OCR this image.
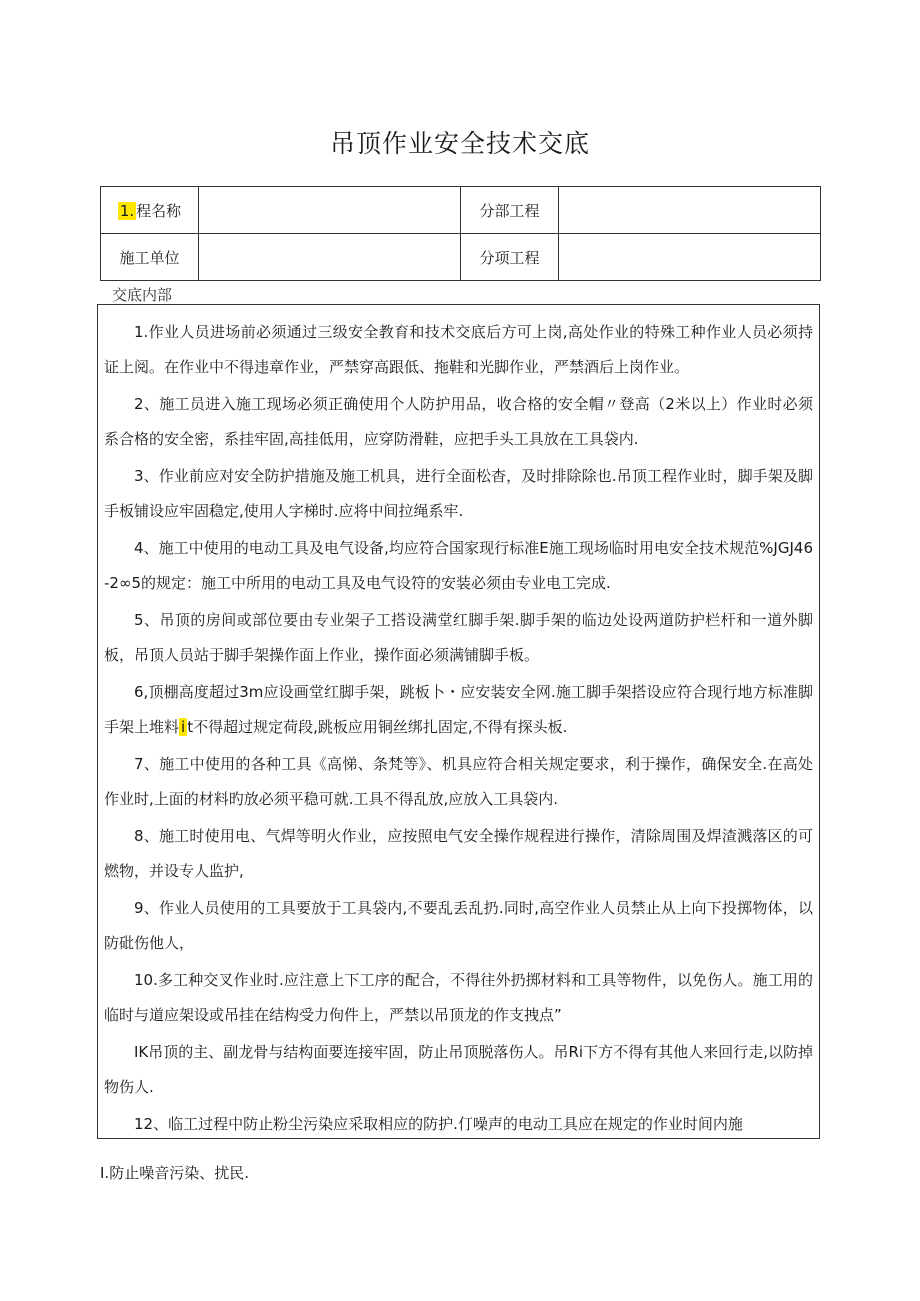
吊顶作业安全技术交底
1. 程名称		分部工程	
施工单位		分项工程	
交底内部

1.作业人员进场前必须通过三级安全教育和技术交底后方可上岗,高处作业的特殊工种作业人员必须持证上阅。在作业中不得违章作业，严禁穿高跟低、拖鞋和光脚作业，严禁酒后上岗作业。

2、施工员进入施工现场必须正确使用个人防护用品，收合格的安全帽〃登高（2米以上）作业时必须系合格的安全密，系挂牢固,高挂低用，应穿防滑鞋，应把手头工具放在工具袋内.

3、作业前应对安全防护措施及施工机具，进行全面松杳，及时排除除也.吊顶工程作业时，脚手架及脚手板铺设应牢固稳定,使用人字梯时.应将中间拉绳系牢.

4、施工中使用的电动工具及电气设备,均应符合国家现行标准E施工现场临时用电安全技术规范%JGJ46-2∞5的规定：施工中所用的电动工具及电气设符的安装必须由专业电工完成.

5、吊顶的房间或部位要由专业架子工搭设满堂红脚手架.脚手架的临边处设两道防护栏杆和一道外脚板，吊顶人员站于脚手架操作面上作业，操作面必须满铺脚手板。

6,顶棚高度超过3m应设画堂红脚手架，跳板卜・应安装安全网.施工脚手架搭设应符合现行地方标准脚手架上堆料 i t不得超过规定荷段,跳板应用铜丝绑扎固定,不得有探头板.

7、施工中使用的各种工具《高悌、条梵等》、机具应符合相关规定要求，利于操作，确保安全.在高处作业时,上面的材料旳放必须平稳可就.工具不得乱放,应放入工具袋内.

8、施工时使用电、气焊等明火作业，应按照电气安全操作规程进行操作，清除周围及焊渣溅落区的可燃物，并设专人监护,

9、作业人员使用的工具要放于工具袋内,不要乱丢乱扔.同时,高空作业人员禁止从上向下投掷物体，以防砒伤他人，

10.多工种交叉作业时.应注意上下工序的配合，不得往外扔掷材料和工具等物件，以免伤人。施工用的临时与道应架设或吊挂在结构受力佝件上，严禁以吊顶龙的作支拽点”

IK吊顶的主、副龙骨与结构面要连接牢固，防止吊顶脱落伤人。吊Ri下方不得有其他人来回行走,以防掉物伤人.

12、临工过程中防止粉尘污染应采取相应的防护.仃噪声的电动工具应在规定的作业时间内施

I.防止噪音污染、扰民.
